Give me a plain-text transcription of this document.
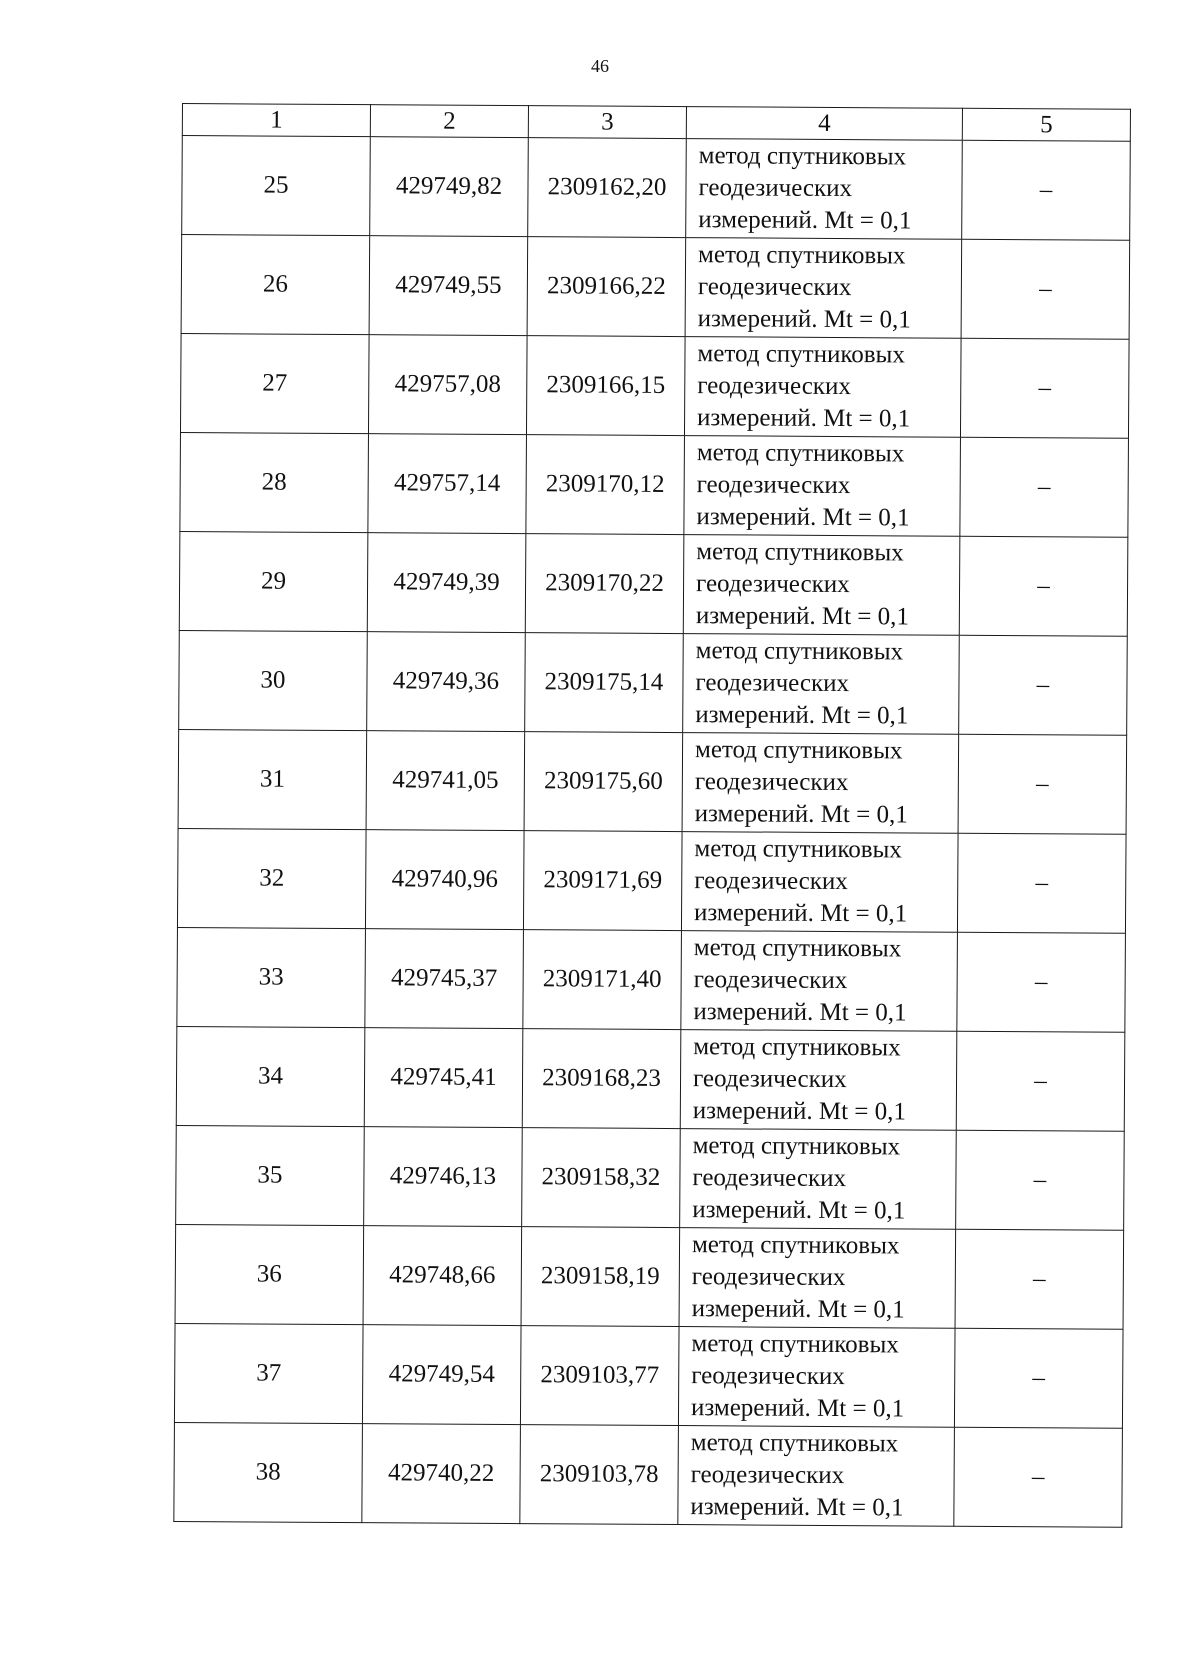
46
1	2	3	4	5
25	429749,82	2309162,20	метод спутниковых
геодезических
измерений. Mt = 0,1	–
26	429749,55	2309166,22	метод спутниковых
геодезических
измерений. Mt = 0,1	–
27	429757,08	2309166,15	метод спутниковых
геодезических
измерений. Mt = 0,1	–
28	429757,14	2309170,12	метод спутниковых
геодезических
измерений. Mt = 0,1	–
29	429749,39	2309170,22	метод спутниковых
геодезических
измерений. Mt = 0,1	–
30	429749,36	2309175,14	метод спутниковых
геодезических
измерений. Mt = 0,1	–
31	429741,05	2309175,60	метод спутниковых
геодезических
измерений. Mt = 0,1	–
32	429740,96	2309171,69	метод спутниковых
геодезических
измерений. Mt = 0,1	–
33	429745,37	2309171,40	метод спутниковых
геодезических
измерений. Mt = 0,1	–
34	429745,41	2309168,23	метод спутниковых
геодезических
измерений. Mt = 0,1	–
35	429746,13	2309158,32	метод спутниковых
геодезических
измерений. Mt = 0,1	–
36	429748,66	2309158,19	метод спутниковых
геодезических
измерений. Mt = 0,1	–
37	429749,54	2309103,77	метод спутниковых
геодезических
измерений. Mt = 0,1	–
38	429740,22	2309103,78	метод спутниковых
геодезических
измерений. Mt = 0,1	–
